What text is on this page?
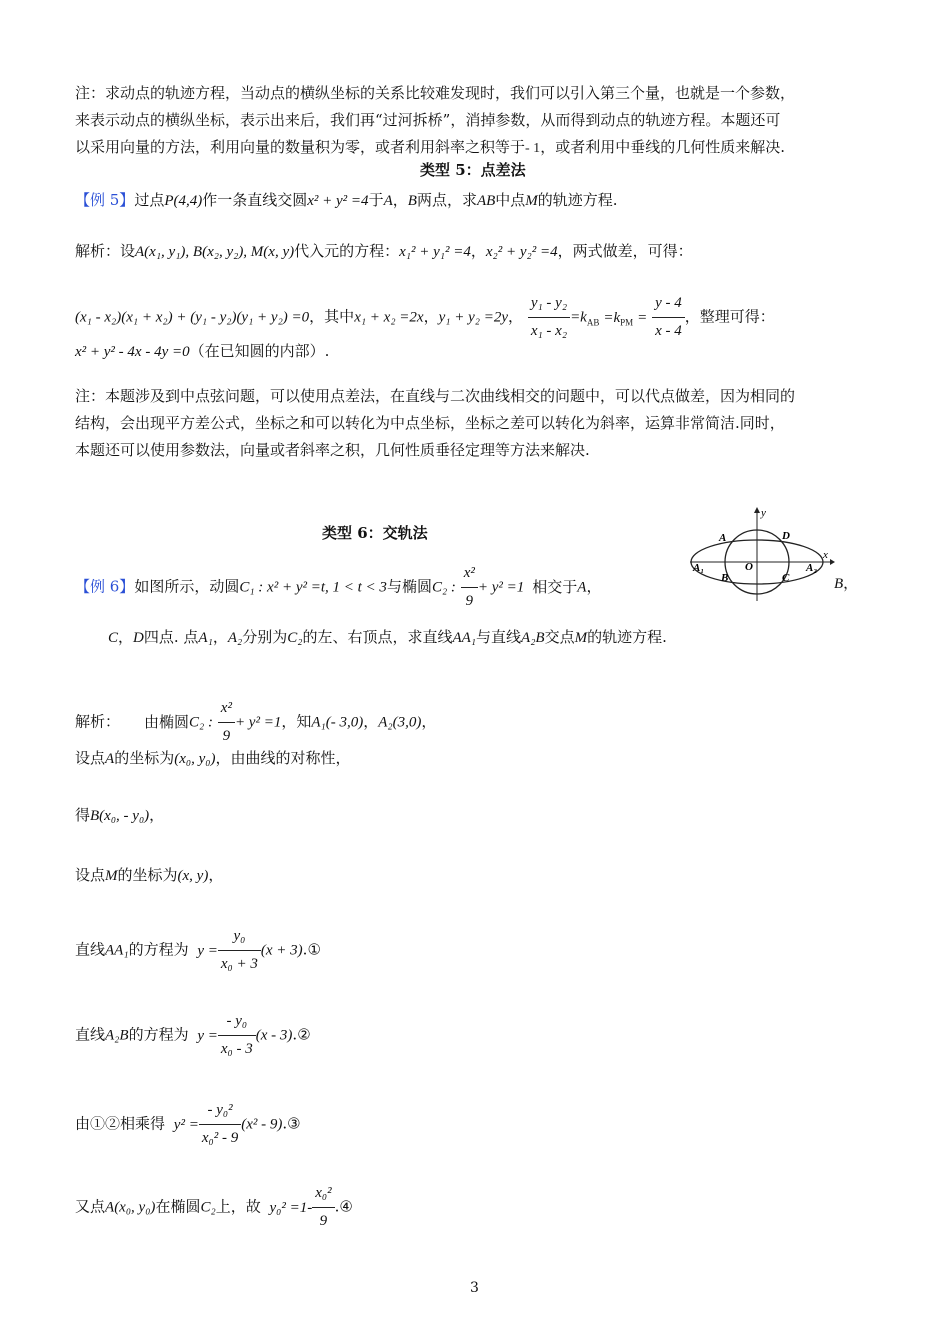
注：求动点的轨迹方程，当动点的横纵坐标的关系比较难发现时，我们可以引入第三个量，也就是一个参数，
来表示动点的横纵坐标，表示出来后，我们再“过河拆桥”，消掉参数，从而得到动点的轨迹方程。本题还可
以采用向量的方法，利用向量的数量积为零，或者利用斜率之积等于- 1，或者利用中垂线的几何性质来解决.
类型 5：点差法
【例 5】过点P(4,4)作一条直线交圆x² + y² =4于A，B两点，求AB中点M的轨迹方程.
解析：设A(x₁, y₁), B(x₂, y₂), M(x, y)代入元的方程：x₁² + y₁² =4，x₂² + y₂² =4，两式做差，可得：
(x₁ - x₂)(x₁ + x₂) + (y₁ - y₂)(y₁ + y₂) =0，其中x₁ + x₂ =2x，y₁ + y₂ =2y， $\frac{\text{y₁ - y₂}}{\text{x₁ - x₂}} =k_{AB} =k_{PM} = \frac{y - 4}{x - 4}$ ，整理可得：
x² + y² - 4x - 4y =0（在已知圆的内部）.
注：本题涉及到中点弦问题，可以使用点差法，在直线与二次曲线相交的问题中，可以代点做差，因为相同的
结构，会出现平方差公式，坐标之和可以转化为中点坐标，坐标之差可以转化为斜率，运算非常简洁.同时，
本题还可以使用参数法，向量或者斜率之积，几何性质垂径定理等方法来解决.
类型 6：交轨法	A	D
A₁
B
O
C
A₂
x
y
【例 6】如图所示，动圆C₁ : x² + y² =t, 1 < t < 3与椭圆C₂ : $\frac{\text{x²}}{9} + y^2 =1$ 相交于A，	B，
C，D四点. 点A₁，A₂分别为C₂的左、右顶点，求直线AA₁与直线A₂B交点M的轨迹方程.
解析： 由椭圆C₂ : $\frac{\text{x²}}{9} + y^2 =1$，知A₁(- 3,0)，A₂(3,0)，
设点A的坐标为(x₀, y₀)，由曲线的对称性，
得B(x₀, - y₀)，
设点M的坐标为(x, y)，
直线AA₁的方程为 $y = \frac{\text{y₀}}{\text{x₀ + 3}} (x$ + 3).①
直线A₂B的方程为 $y = \frac{\text{- y₀}}{\text{x₀ - 3}} (x$ - 3).②
由①②相乘得 $y^2 = \frac{\text{- y₀²}}{\text{x₀² - 9}} (x^2$ - 9).③
又点A(x₀, y₀)在椭圆C₂上，故 $y_0^2 =1- \frac{\text{x₀²}}{9}$ .④
3
